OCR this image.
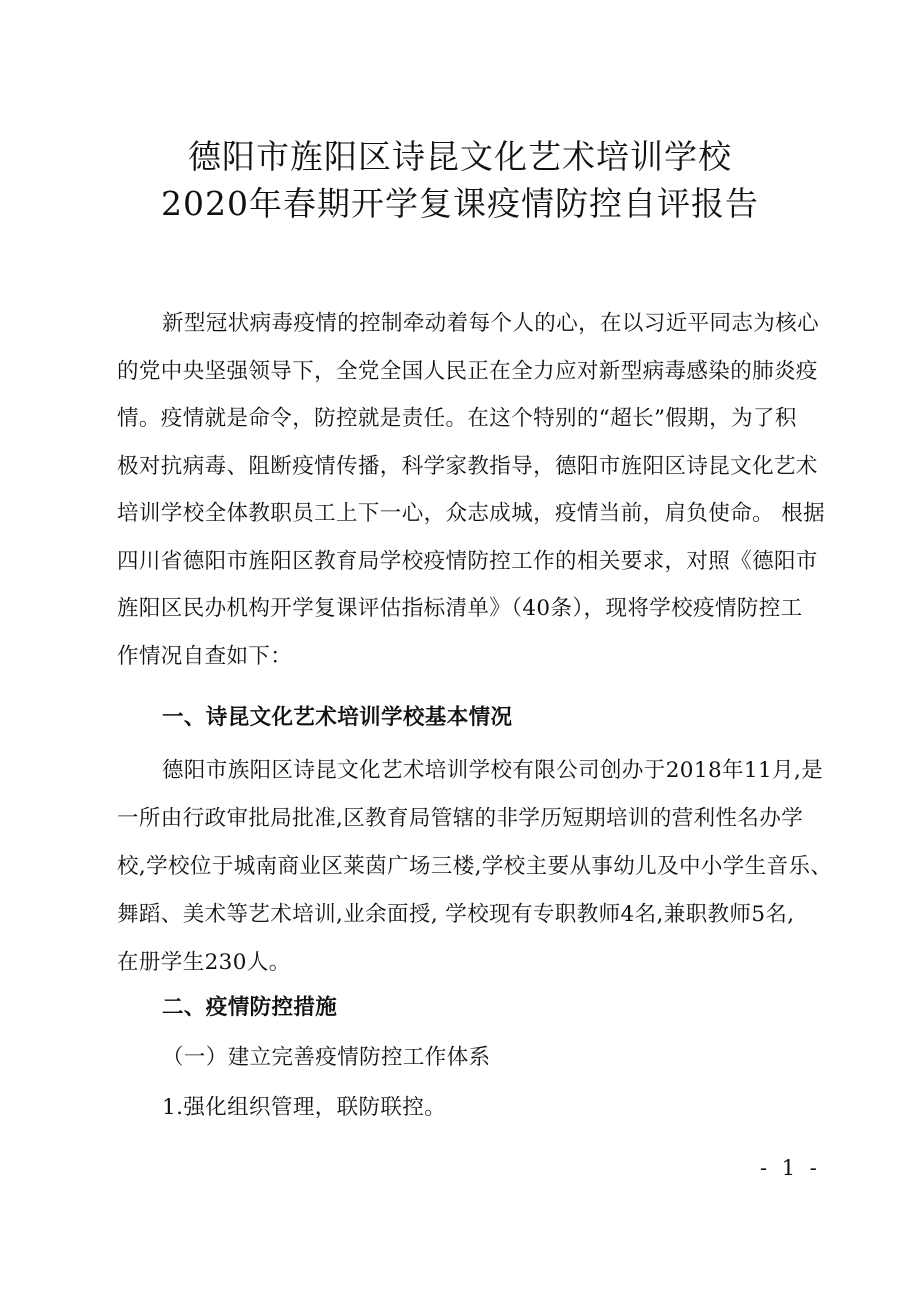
德阳市旌阳区诗昆文化艺术培训学校
2020年春期开学复课疫情防控自评报告
新型冠状病毒疫情的控制牵动着每个人的心，在以习近平同志为核心
的党中央坚强领导下，全党全国人民正在全力应对新型病毒感染的肺炎疫
情。疫情就是命令，防控就是责任。在这个特别的“超长”假期，为了积
极对抗病毒、阻断疫情传播，科学家教指导，德阳市旌阳区诗昆文化艺术
培训学校全体教职员工上下一心，众志成城，疫情当前，肩负使命。 根据
四川省德阳市旌阳区教育局学校疫情防控工作的相关要求，对照《德阳市
旌阳区民办机构开学复课评估指标清单》（40条），现将学校疫情防控工
作情况自查如下：
一、诗昆文化艺术培训学校基本情况
德阳市族阳区诗昆文化艺术培训学校有限公司创办于2018年11月,是
一所由行政审批局批准,区教育局管辖的非学历短期培训的营利性名办学
校,学校位于城南商业区莱茵广场三楼,学校主要从事幼儿及中小学生音乐、
舞蹈、美术等艺术培训,业余面授, 学校现有专职教师4名,兼职教师5名,
在册学生230人。
二、疫情防控措施
（一）建立完善疫情防控工作体系
1.强化组织管理，联防联控。
- 1 -
